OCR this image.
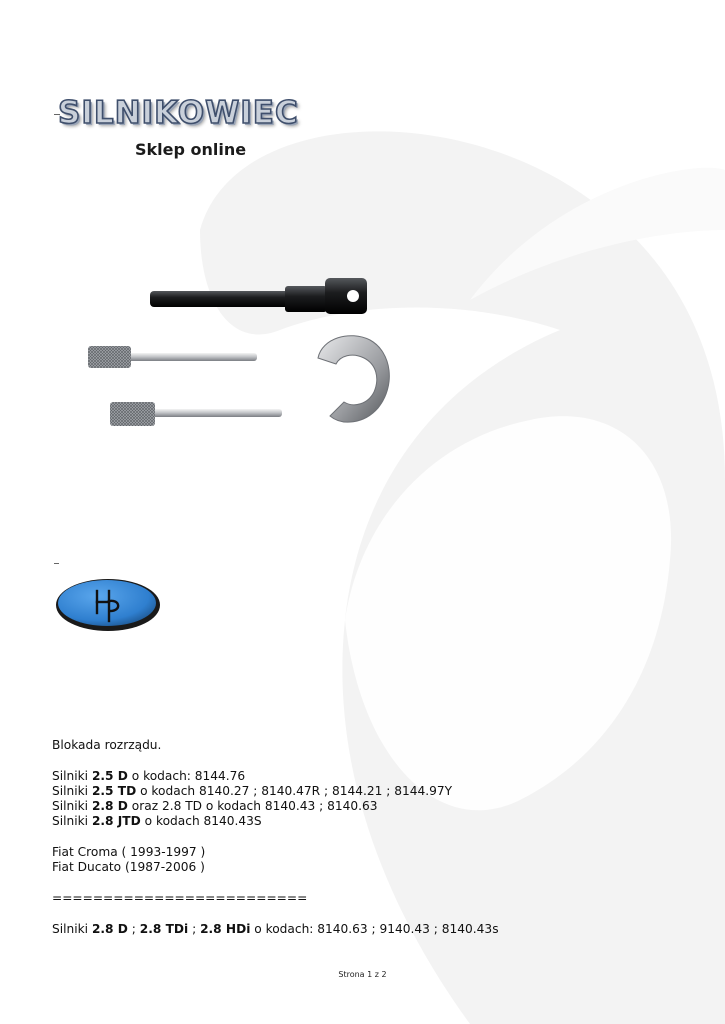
SILNIKOWIEC
Sklep online
Blokada rozrządu.
Silniki 2.5 D o kodach: 8144.76
Silniki 2.5 TD o kodach 8140.27 ; 8140.47R ; 8144.21 ; 8144.97Y
Silniki 2.8 D oraz 2.8 TD o kodach 8140.43 ; 8140.63
Silniki 2.8 JTD o kodach 8140.43S
Fiat Croma ( 1993-1997 )
Fiat Ducato (1987-2006 )
=========================
Silniki 2.8 D ; 2.8 TDi ; 2.8 HDi o kodach: 8140.63 ; 9140.43 ; 8140.43s
Strona 1 z 2
